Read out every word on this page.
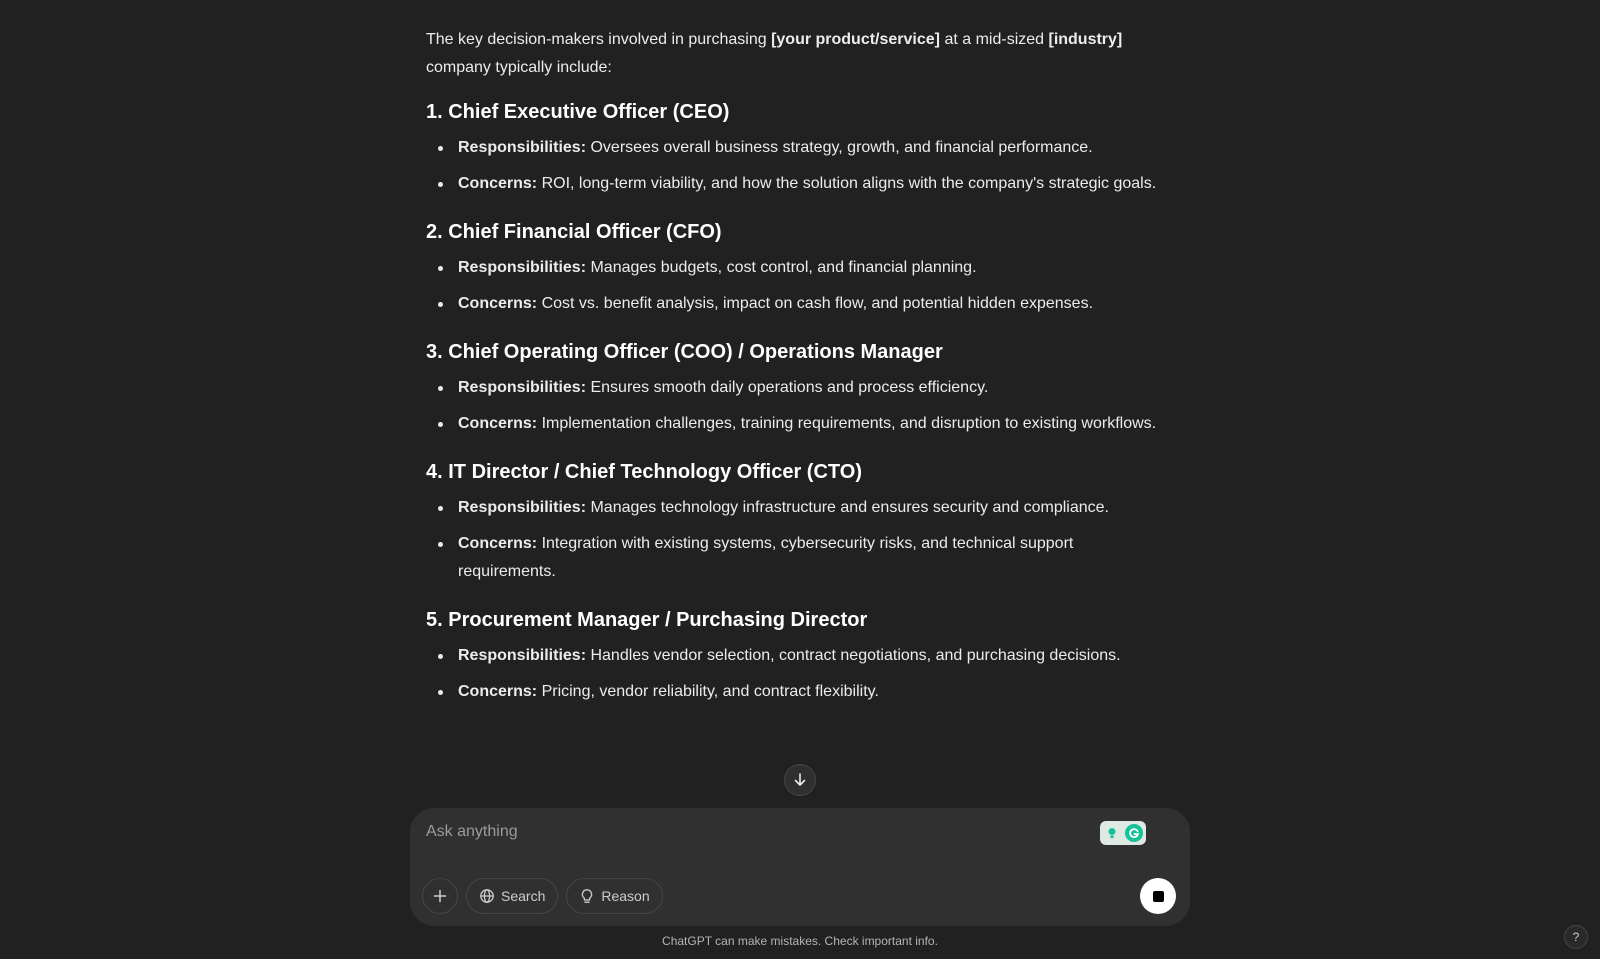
The key decision-makers involved in purchasing [your product/service] at a mid-sized [industry] company typically include:

1. Chief Executive Officer (CEO)
Responsibilities: Oversees overall business strategy, growth, and financial performance.
Concerns: ROI, long-term viability, and how the solution aligns with the company's strategic goals.
2. Chief Financial Officer (CFO)
Responsibilities: Manages budgets, cost control, and financial planning.
Concerns: Cost vs. benefit analysis, impact on cash flow, and potential hidden expenses.
3. Chief Operating Officer (COO) / Operations Manager
Responsibilities: Ensures smooth daily operations and process efficiency.
Concerns: Implementation challenges, training requirements, and disruption to existing workflows.
4. IT Director / Chief Technology Officer (CTO)
Responsibilities: Manages technology infrastructure and ensures security and compliance.
Concerns: Integration with existing systems, cybersecurity risks, and technical support requirements.
5. Procurement Manager / Purchasing Director
Responsibilities: Handles vendor selection, contract negotiations, and purchasing decisions.
Concerns: Pricing, vendor reliability, and contract flexibility.
Ask anything
Search	Reason
ChatGPT can make mistakes. Check important info.	?
